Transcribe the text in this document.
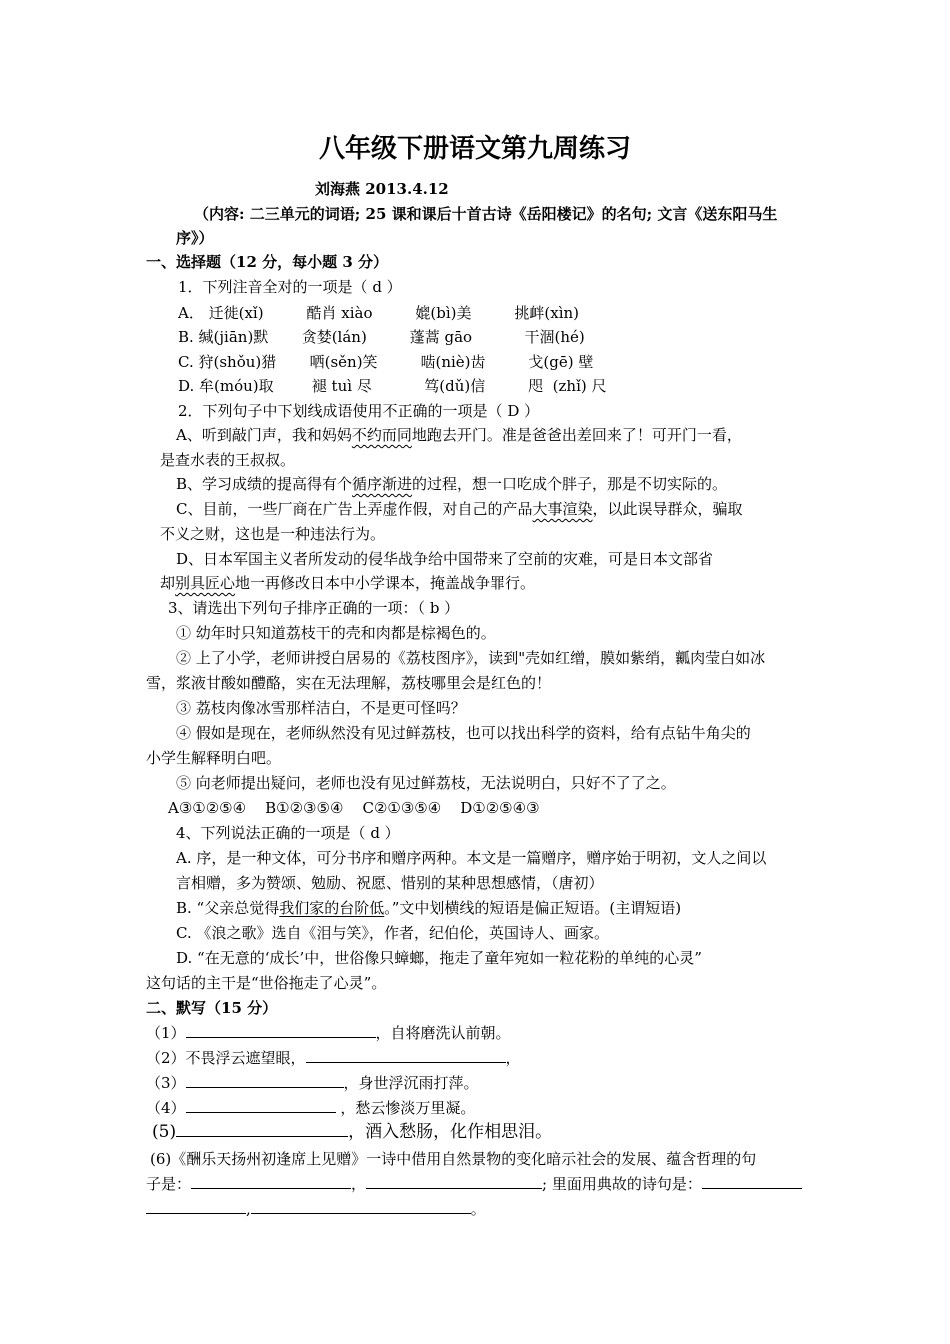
八年级下册语文第九周练习
刘海燕 2013.4.12
（内容: 二三单元的词语; 25 课和课后十首古诗《岳阳楼记》的名句; 文言《送东阳马生
序》）
一、选择题（12 分，每小题 3 分）
1．下列注音全对的一项是（ d ）
A． 迁徙(xǐ)         酷肖 xiào         媲(bì)美         挑衅(xìn)
B. 缄(jiān)默       贪婪(lán)         蓬蒿 gāo           干涸(hé)
C. 狩(shǒu)猎       哂(sěn)笑         啮(niè)齿         戈(gē) 壁
D. 牟(móu)取        褪 tuì 尽           笃(dǔ)信         咫  (zhǐ) 尺
2．下列句子中下划线成语使用不正确的一项是（ D ）
A、听到敲门声，我和妈妈不约而同地跑去开门。准是爸爸出差回来了！可开门一看，
是查水表的王叔叔。
B、学习成绩的提高得有个循序渐进的过程，想一口吃成个胖子，那是不切实际的。
C、目前，一些厂商在广告上弄虚作假，对自己的产品大事渲染，以此误导群众，骗取
不义之财，这也是一种违法行为。
D、日本军国主义者所发动的侵华战争给中国带来了空前的灾难，可是日本文部省
却别具匠心地一再修改日本中小学课本，掩盖战争罪行。
3、请选出下列句子排序正确的一项：（ b ）
① 幼年时只知道荔枝干的壳和肉都是棕褐色的。
② 上了小学，老师讲授白居易的《荔枝图序》，读到"壳如红缯，膜如紫绡，瓤肉莹白如冰
雪，浆液甘酸如醴酪，实在无法理解，荔枝哪里会是红色的！
③ 荔枝肉像冰雪那样洁白，不是更可怪吗？
④ 假如是现在，老师纵然没有见过鲜荔枝，也可以找出科学的资料，给有点钻牛角尖的
小学生解释明白吧。
⑤ 向老师提出疑问，老师也没有见过鲜荔枝，无法说明白，只好不了了之。
A③①②⑤④    B①②③⑤④    C②①③⑤④    D①②⑤④③
4、下列说法正确的一项是（ d ）
A. 序，是一种文体，可分书序和赠序两种。本文是一篇赠序，赠序始于明初，文人之间以
言相赠，多为赞颂、勉励、祝愿、惜别的某种思想感情，（唐初）
B. “父亲总觉得我们家的台阶低。”文中划横线的短语是偏正短语。(主谓短语)
C. 《浪之歌》选自《泪与笑》，作者，纪伯伦，英国诗人、画家。
D. “在无意的‘成长’中，世俗像只蟑螂，拖走了童年宛如一粒花粉的单纯的心灵”
这句话的主干是“世俗拖走了心灵”。
二、默写（15 分）
（1）	，自将磨洗认前朝。
（2）不畏浮云遮望眼，	，
（3）	，身世浮沉雨打萍。
（4）	，愁云惨淡万里凝。
(5)	，酒入愁肠，化作相思泪。
(6)《酬乐天扬州初逢席上见赠》一诗中借用自然景物的变化暗示社会的发展、蕴含哲理的句
子是：	，	; 里面用典故的诗句是：
,	。
